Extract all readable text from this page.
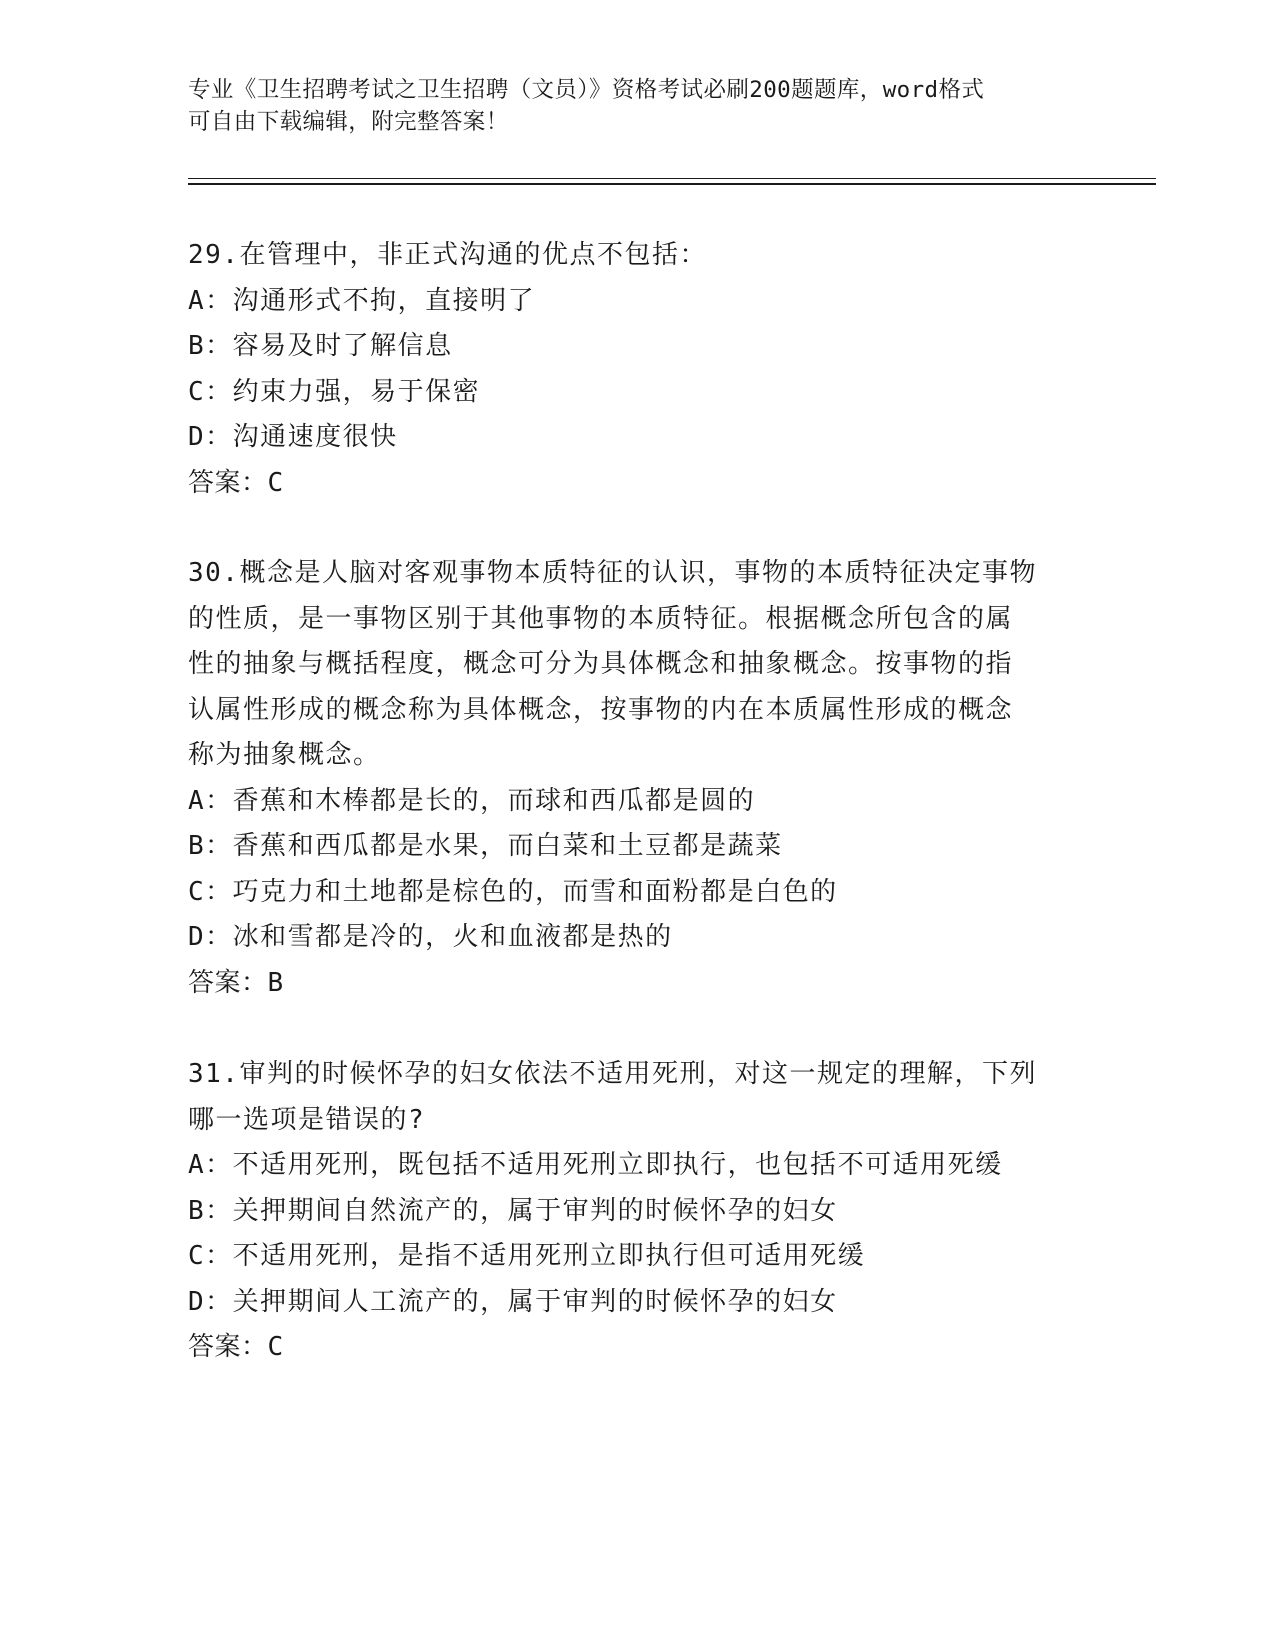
专业《卫生招聘考试之卫生招聘（文员）》资格考试必刷200题题库，word格式
可自由下载编辑，附完整答案！
29.在管理中，非正式沟通的优点不包括：
A：沟通形式不拘，直接明了
B：容易及时了解信息
C：约束力强，易于保密
D：沟通速度很快
答案：C
30.概念是人脑对客观事物本质特征的认识，事物的本质特征决定事物
的性质，是一事物区别于其他事物的本质特征。根据概念所包含的属
性的抽象与概括程度，概念可分为具体概念和抽象概念。按事物的指
认属性形成的概念称为具体概念，按事物的内在本质属性形成的概念
称为抽象概念。
A：香蕉和木棒都是长的，而球和西瓜都是圆的
B：香蕉和西瓜都是水果，而白菜和土豆都是蔬菜
C：巧克力和土地都是棕色的，而雪和面粉都是白色的
D：冰和雪都是冷的，火和血液都是热的
答案：B
31.审判的时候怀孕的妇女依法不适用死刑，对这一规定的理解，下列
哪一选项是错误的?
A：不适用死刑，既包括不适用死刑立即执行，也包括不可适用死缓
B：关押期间自然流产的，属于审判的时候怀孕的妇女
C：不适用死刑，是指不适用死刑立即执行但可适用死缓
D：关押期间人工流产的，属于审判的时候怀孕的妇女
答案：C
